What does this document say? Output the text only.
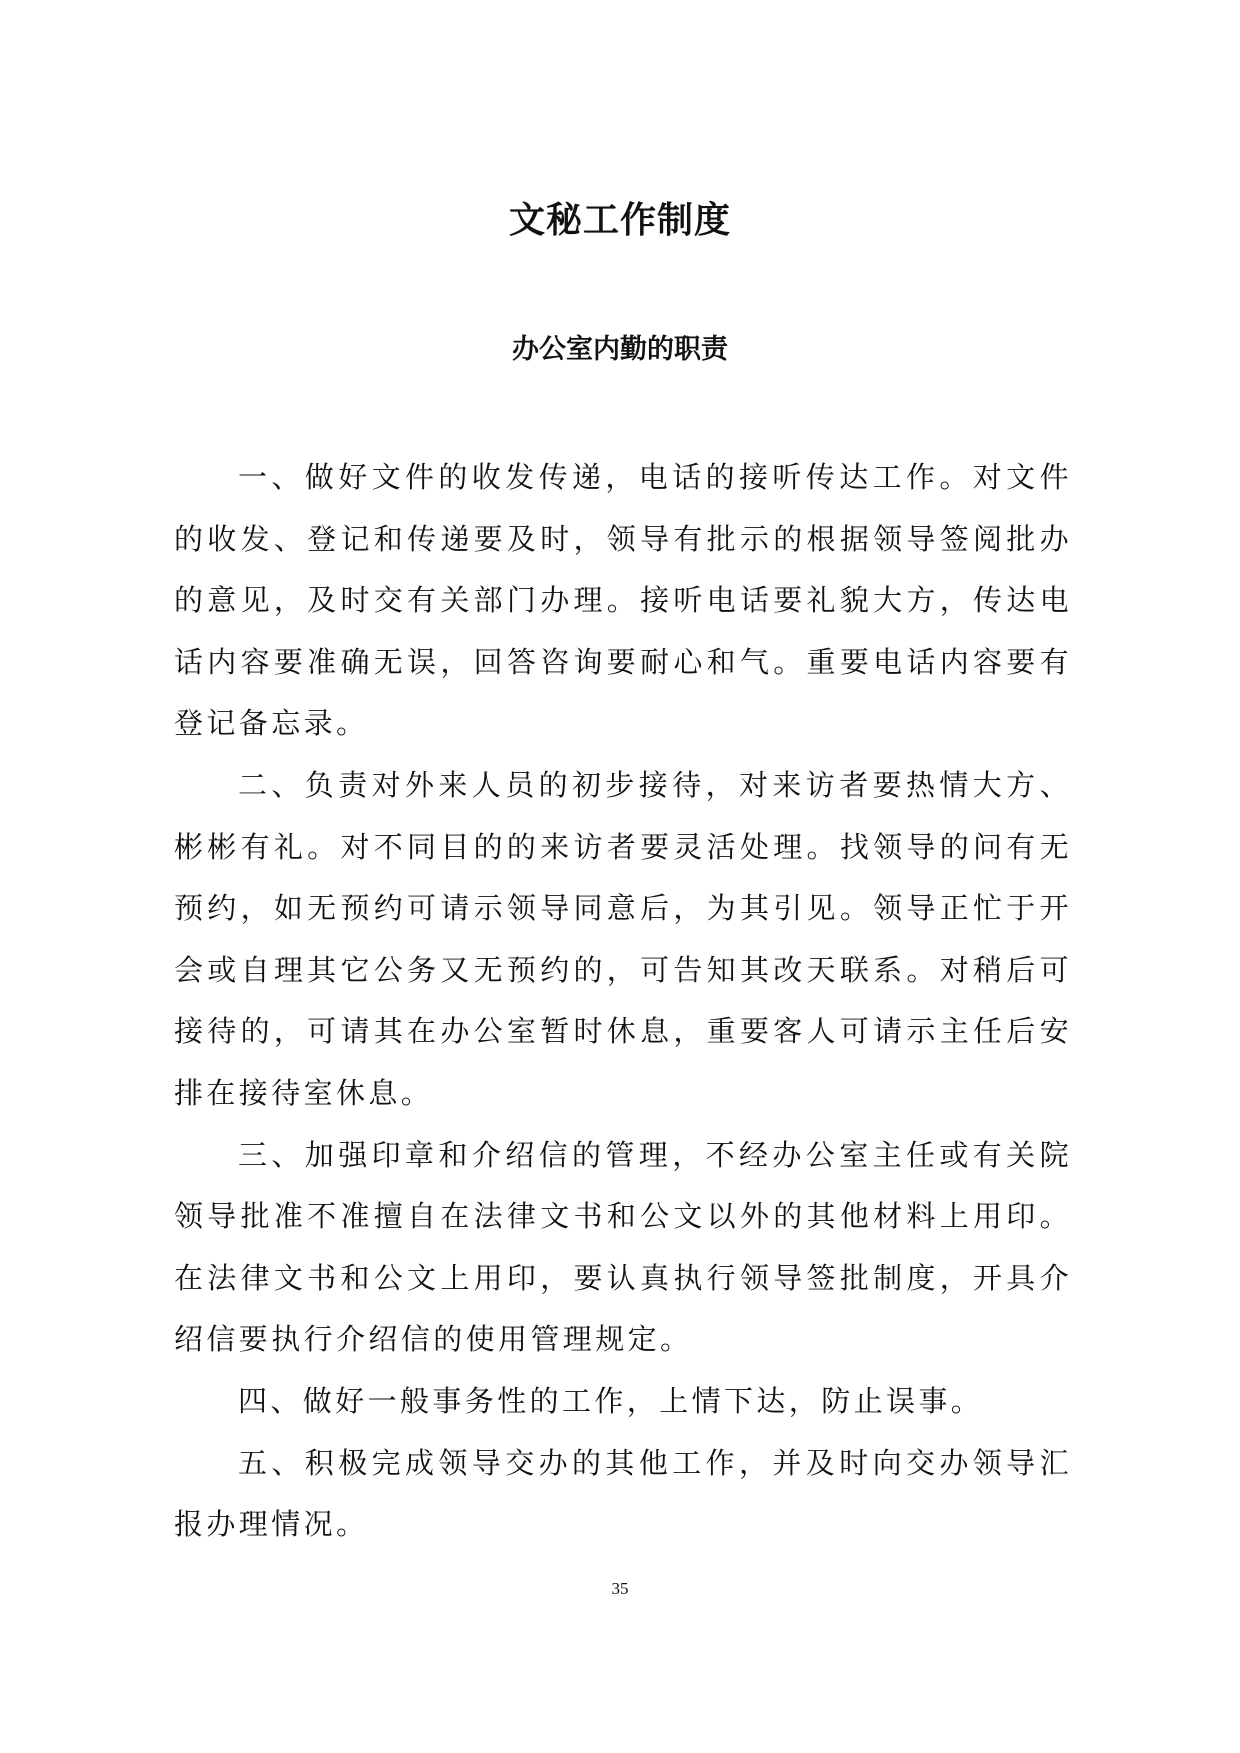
文秘工作制度
办公室内勤的职责

一、做好文件的收发传递，电话的接听传达工作。对文件的收发、登记和传递要及时，领导有批示的根据领导签阅批办的意见，及时交有关部门办理。接听电话要礼貌大方，传达电话内容要准确无误，回答咨询要耐心和气。重要电话内容要有登记备忘录。

二、负责对外来人员的初步接待，对来访者要热情大方、彬彬有礼。对不同目的的来访者要灵活处理。找领导的问有无预约，如无预约可请示领导同意后，为其引见。领导正忙于开会或自理其它公务又无预约的，可告知其改天联系。对稍后可接待的，可请其在办公室暂时休息，重要客人可请示主任后安排在接待室休息。

三、加强印章和介绍信的管理，不经办公室主任或有关院领导批准不准擅自在法律文书和公文以外的其他材料上用印。在法律文书和公文上用印，要认真执行领导签批制度，开具介绍信要执行介绍信的使用管理规定。

四、做好一般事务性的工作，上情下达，防止误事。

五、积极完成领导交办的其他工作，并及时向交办领导汇报办理情况。

35
